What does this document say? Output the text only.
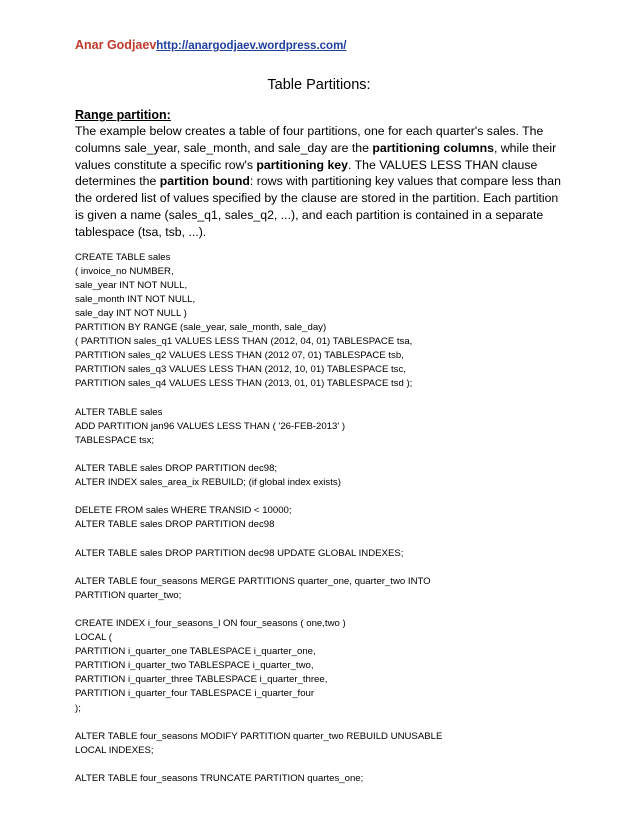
Anar Godjaevhttp://anargodjaev.wordpress.com/
Table Partitions:
Range partition:

The example below creates a table of four partitions, one for each quarter's sales. The columns sale_year, sale_month, and sale_day are the partitioning columns, while their values constitute a specific row's partitioning key. The VALUES LESS THAN clause determines the partition bound: rows with partitioning key values that compare less than the ordered list of values specified by the clause are stored in the partition. Each partition is given a name (sales_q1, sales_q2, ...), and each partition is contained in a separate tablespace (tsa, tsb, ...).

CREATE TABLE sales
( invoice_no NUMBER,
sale_year INT NOT NULL,
sale_month INT NOT NULL,
sale_day INT NOT NULL )
PARTITION BY RANGE (sale_year, sale_month, sale_day)
( PARTITION sales_q1 VALUES LESS THAN (2012, 04, 01) TABLESPACE tsa,
PARTITION sales_q2 VALUES LESS THAN (2012 07, 01) TABLESPACE tsb,
PARTITION sales_q3 VALUES LESS THAN (2012, 10, 01) TABLESPACE tsc,
PARTITION sales_q4 VALUES LESS THAN (2013, 01, 01) TABLESPACE tsd );
ALTER TABLE sales
ADD PARTITION jan96 VALUES LESS THAN ( '26-FEB-2013' )
TABLESPACE tsx;
ALTER TABLE sales DROP PARTITION dec98;
ALTER INDEX sales_area_ix REBUILD; (if global index exists)
DELETE FROM sales WHERE TRANSID < 10000;
ALTER TABLE sales DROP PARTITION dec98
ALTER TABLE sales DROP PARTITION dec98 UPDATE GLOBAL INDEXES;
ALTER TABLE four_seasons MERGE PARTITIONS quarter_one, quarter_two INTO
PARTITION quarter_two;
CREATE INDEX i_four_seasons_l ON four_seasons ( one,two )
LOCAL (
PARTITION i_quarter_one TABLESPACE i_quarter_one,
PARTITION i_quarter_two TABLESPACE i_quarter_two,
PARTITION i_quarter_three TABLESPACE i_quarter_three,
PARTITION i_quarter_four TABLESPACE i_quarter_four
);
ALTER TABLE four_seasons MODIFY PARTITION quarter_two REBUILD UNUSABLE
LOCAL INDEXES;
ALTER TABLE four_seasons TRUNCATE PARTITION quartes_one;
